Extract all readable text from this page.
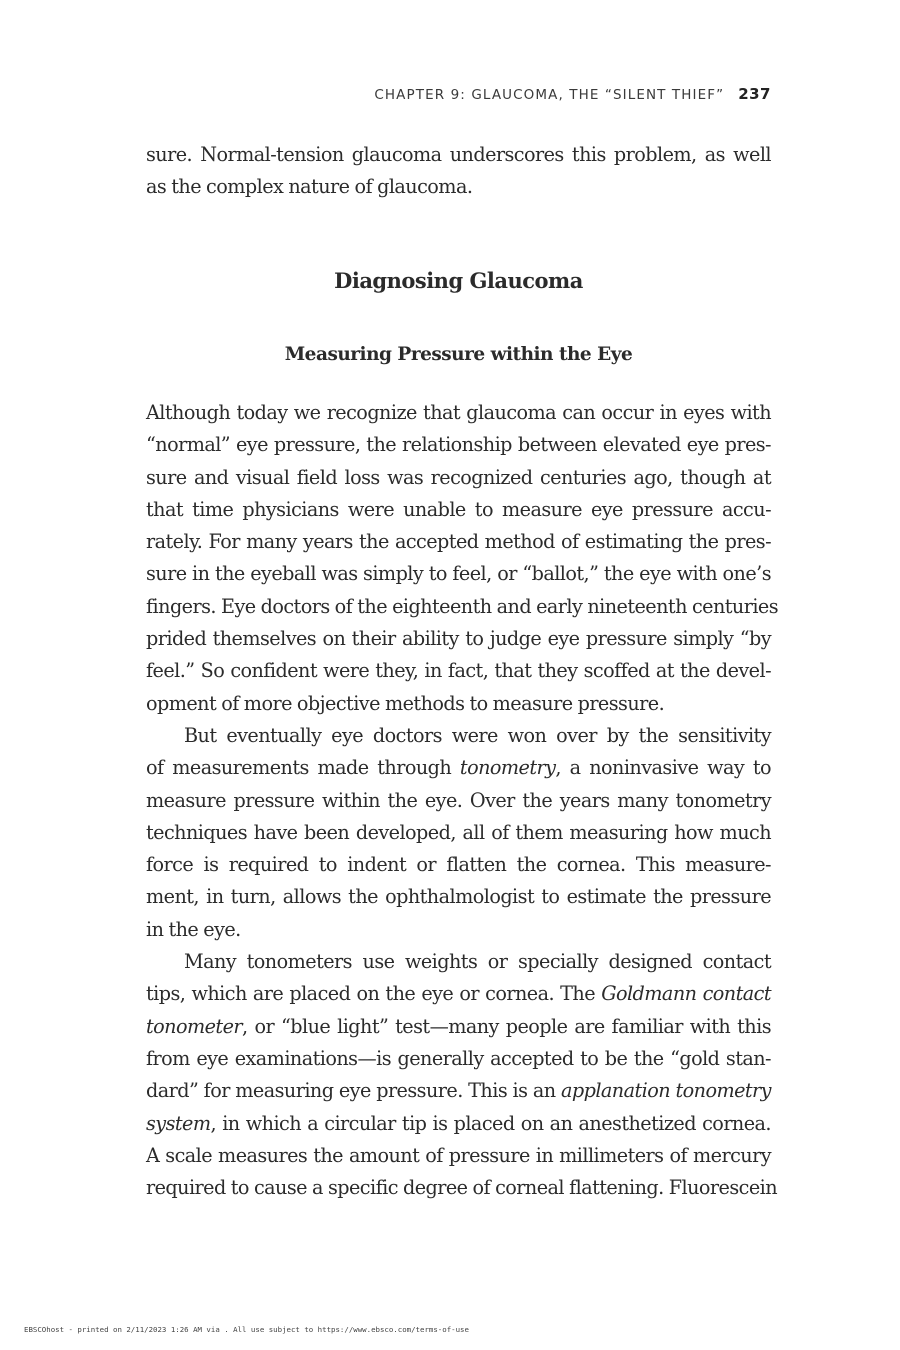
CHAPTER 9: GLAUCOMA, THE “SILENT THIEF” 237
sure. Normal-tension glaucoma underscores this problem, as well
as the complex nature of glaucoma.
Diagnosing Glaucoma
Measuring Pressure within the Eye
Although today we recognize that glaucoma can occur in eyes with
“normal” eye pressure, the relationship between elevated eye pres-
sure and visual field loss was recognized centuries ago, though at
that time physicians were unable to measure eye pressure accu-
rately. For many years the accepted method of estimating the pres-
sure in the eyeball was simply to feel, or “ballot,” the eye with one’s
fingers. Eye doctors of the eighteenth and early nineteenth centuries
prided themselves on their ability to judge eye pressure simply “by
feel.” So confident were they, in fact, that they scoffed at the devel-
opment of more objective methods to measure pressure.
But eventually eye doctors were won over by the sensitivity
of measurements made through tonometry, a noninvasive way to
measure pressure within the eye. Over the years many tonometry
techniques have been developed, all of them measuring how much
force is required to indent or flatten the cornea. This measure-
ment, in turn, allows the ophthalmologist to estimate the pressure
in the eye.
Many tonometers use weights or specially designed contact
tips, which are placed on the eye or cornea. The Goldmann contact
tonometer, or “blue light” test—many people are familiar with this
from eye examinations—is generally accepted to be the “gold stan-
dard” for measuring eye pressure. This is an applanation tonometry
system, in which a circular tip is placed on an anesthetized cornea.
A scale measures the amount of pressure in millimeters of mercury
required to cause a specific degree of corneal flattening. Fluorescein
EBSCOhost - printed on 2/11/2023 1:26 AM via . All use subject to https://www.ebsco.com/terms-of-use
